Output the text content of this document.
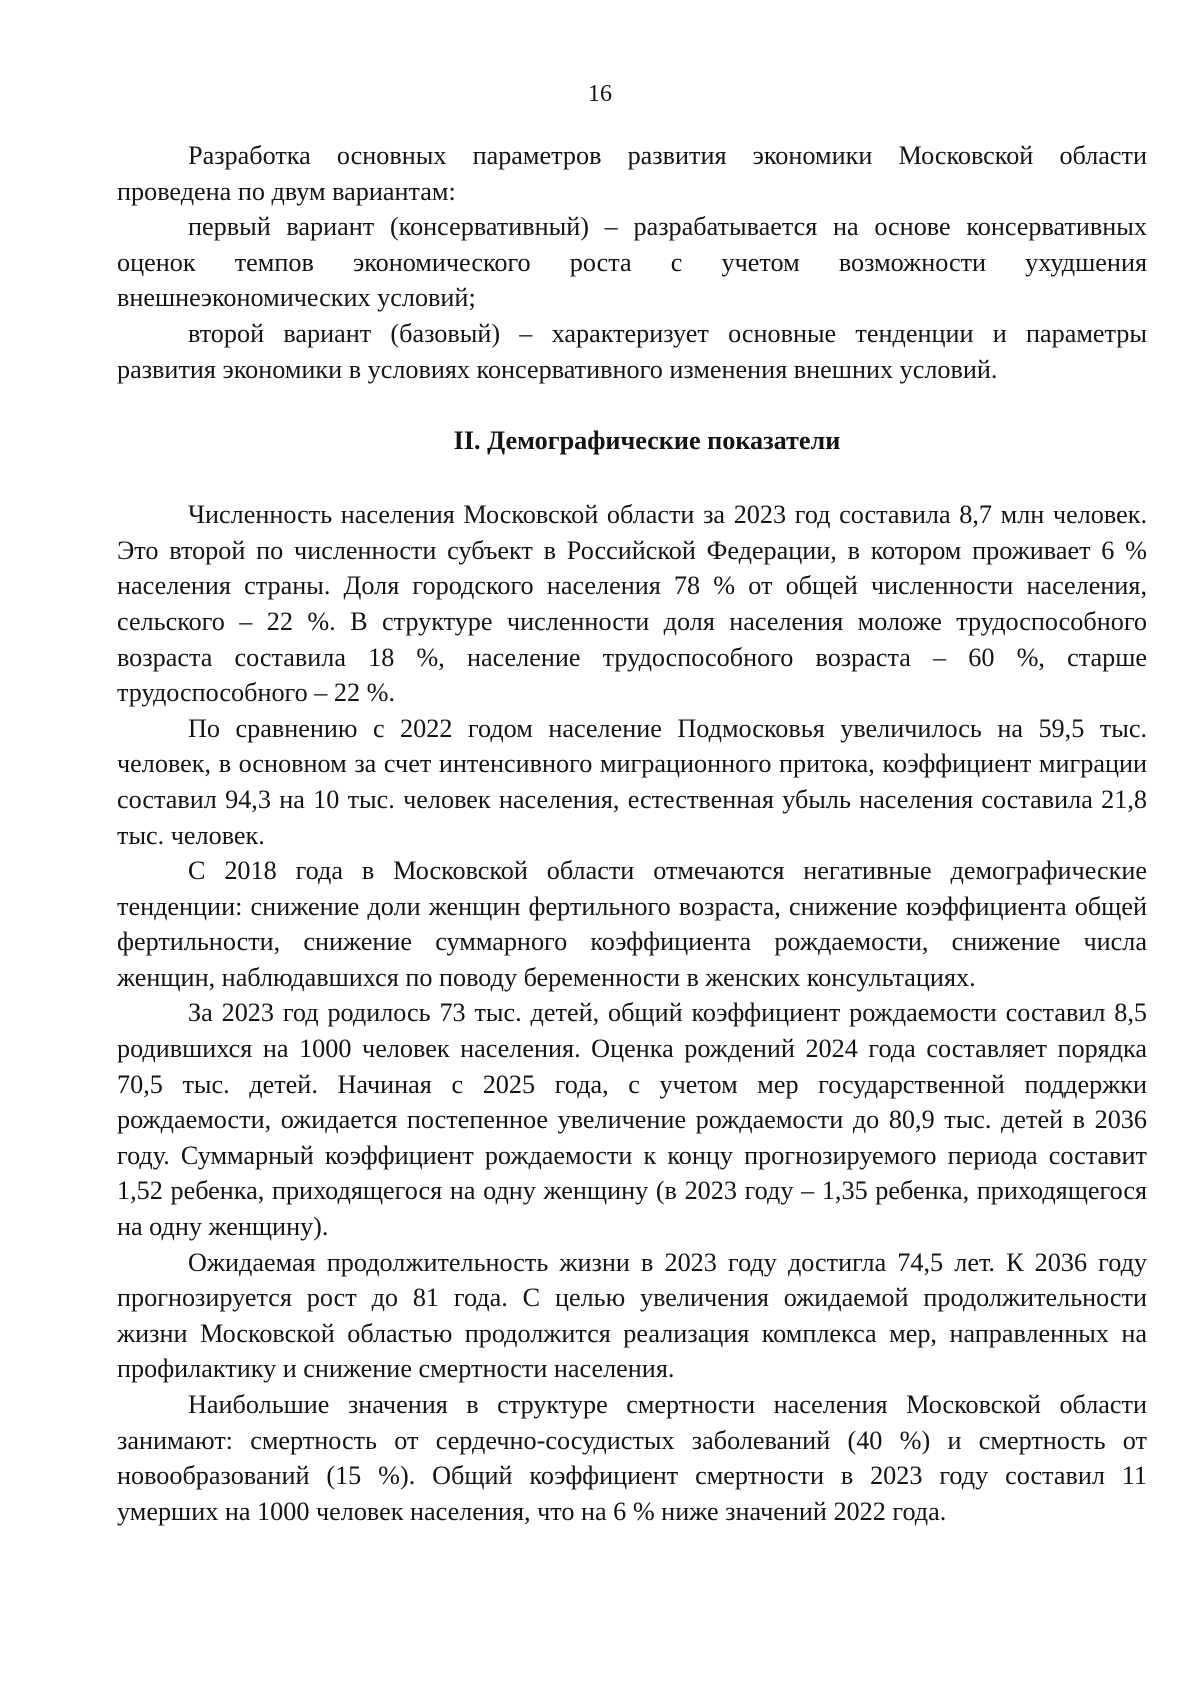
16

Разработка основных параметров развития экономики Московской области проведена по двум вариантам:

первый вариант (консервативный) – разрабатывается на основе консервативных оценок темпов экономического роста с учетом возможности ухудшения внешнеэкономических условий;

второй вариант (базовый) – характеризует основные тенденции и параметры развития экономики в условиях консервативного изменения внешних условий.

II. Демографические показатели

Численность населения Московской области за 2023 год составила 8,7 млн человек. Это второй по численности субъект в Российской Федерации, в котором проживает 6 % населения страны. Доля городского населения 78 % от общей численности населения, сельского – 22 %. В структуре численности доля населения моложе трудоспособного возраста составила 18 %, население трудоспособного возраста – 60 %, старше трудоспособного – 22 %.

По сравнению с 2022 годом население Подмосковья увеличилось на 59,5 тыс. человек, в основном за счет интенсивного миграционного притока, коэффициент миграции составил 94,3 на 10 тыс. человек населения, естественная убыль населения составила 21,8 тыс. человек.

С 2018 года в Московской области отмечаются негативные демографические тенденции: снижение доли женщин фертильного возраста, снижение коэффициента общей фертильности, снижение суммарного коэффициента рождаемости, снижение числа женщин, наблюдавшихся по поводу беременности в женских консультациях.

За 2023 год родилось 73 тыс. детей, общий коэффициент рождаемости составил 8,5 родившихся на 1000 человек населения. Оценка рождений 2024 года составляет порядка 70,5 тыс. детей. Начиная с 2025 года, с учетом мер государственной поддержки рождаемости, ожидается постепенное увеличение рождаемости до 80,9 тыс. детей в 2036 году. Суммарный коэффициент рождаемости к концу прогнозируемого периода составит 1,52 ребенка, приходящегося на одну женщину (в 2023 году – 1,35 ребенка, приходящегося на одну женщину).

Ожидаемая продолжительность жизни в 2023 году достигла 74,5 лет. К 2036 году прогнозируется рост до 81 года. С целью увеличения ожидаемой продолжительности жизни Московской областью продолжится реализация комплекса мер, направленных на профилактику и снижение смертности населения.

Наибольшие значения в структуре смертности населения Московской области занимают: смертность от сердечно-сосудистых заболеваний (40 %) и смертность от новообразований (15 %). Общий коэффициент смертности в 2023 году составил 11 умерших на 1000 человек населения, что на 6 % ниже значений 2022 года.
